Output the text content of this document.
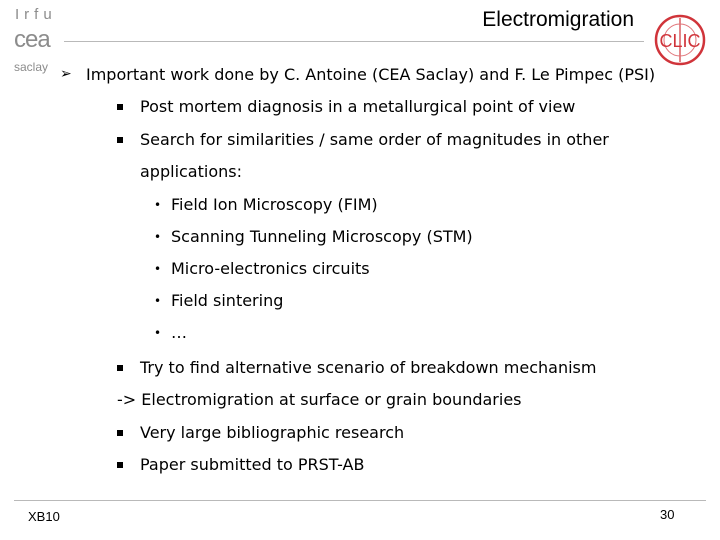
Irfu
cea
saclay
Electromigration
CLIC
➢ Important work done by C. Antoine (CEA Saclay) and F. Le Pimpec (PSI)
Post mortem diagnosis in a metallurgical point of view
Search for similarities / same order of magnitudes in other
applications:
• Field Ion Microscopy (FIM)
• Scanning Tunneling Microscopy (STM)
• Micro-electronics circuits
• Field sintering
• …
Try to find alternative scenario of breakdown mechanism
-> Electromigration at surface or grain boundaries
Very large bibliographic research
Paper submitted to PRST-AB
XB10	30
